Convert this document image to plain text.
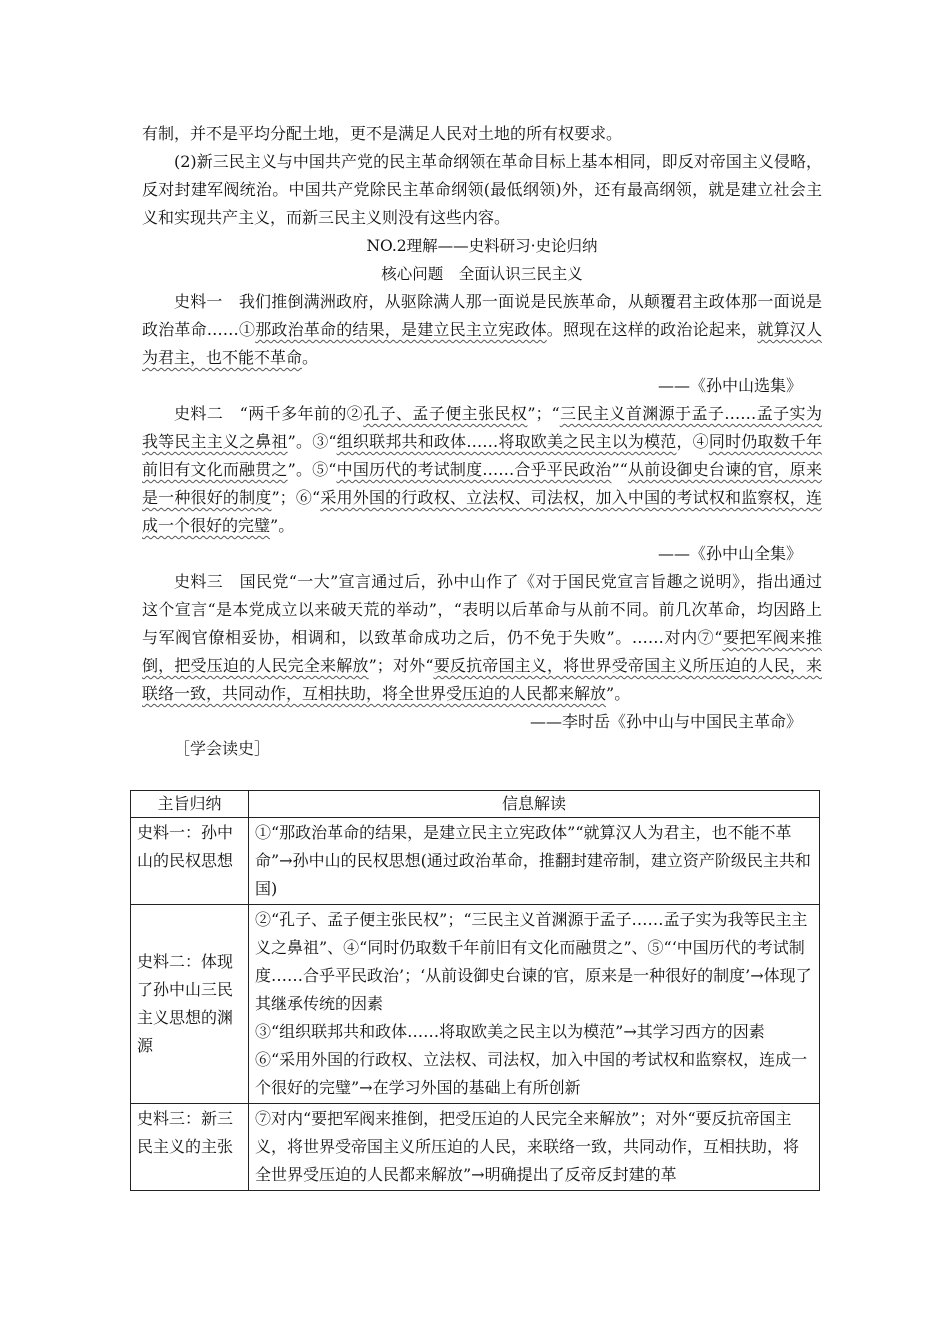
有制，并不是平均分配土地，更不是满足人民对土地的所有权要求。

(2)新三民主义与中国共产党的民主革命纲领在革命目标上基本相同，即反对帝国主义侵略，反对封建军阀统治。中国共产党除民主革命纲领(最低纲领)外，还有最高纲领，就是建立社会主义和实现共产主义，而新三民主义则没有这些内容。

NO.2理解——史料研习·史论归纳

核心问题　全面认识三民主义

史料一　我们推倒满洲政府，从驱除满人那一面说是民族革命，从颠覆君主政体那一面说是政治革命……①那政治革命的结果，是建立民主立宪政体。照现在这样的政治论起来，就算汉人为君主，也不能不革命。

——《孙中山选集》

史料二　“两千多年前的②孔子、孟子便主张民权”；“三民主义首渊源于孟子……孟子实为我等民主主义之鼻祖”。③“组织联邦共和政体……将取欧美之民主以为模范，④同时仍取数千年前旧有文化而融贯之”。⑤“中国历代的考试制度……合乎平民政治”“从前设御史台谏的官，原来是一种很好的制度”；⑥“采用外国的行政权、立法权、司法权，加入中国的考试权和监察权，连成一个很好的完璧”。

——《孙中山全集》

史料三　国民党“一大”宣言通过后，孙中山作了《对于国民党宣言旨趣之说明》，指出通过这个宣言“是本党成立以来破天荒的举动”，“表明以后革命与从前不同。前几次革命，均因路上与军阀官僚相妥协，相调和，以致革命成功之后，仍不免于失败”。……对内⑦“要把军阀来推倒，把受压迫的人民完全来解放”；对外“要反抗帝国主义，将世界受帝国主义所压迫的人民，来联络一致，共同动作，互相扶助，将全世界受压迫的人民都来解放”。

——李时岳《孙中山与中国民主革命》

［学会读史］

主旨归纳	信息解读
史料一：孙中山的民权思想	①“那政治革命的结果，是建立民主立宪政体”“就算汉人为君主，也不能不革命”→孙中山的民权思想(通过政治革命，推翻封建帝制，建立资产阶级民主共和国)

史料二：体现了孙中山三民主义思想的渊源	②“孔子、孟子便主张民权”；“三民主义首渊源于孟子……孟子实为我等民主主义之鼻祖”、④“同时仍取数千年前旧有文化而融贯之”、⑤“‘中国历代的考试制度……合乎平民政治’；‘从前设御史台谏的官，原来是一种很好的制度’→体现了其继承传统的因素
③“组织联邦共和政体……将取欧美之民主以为模范”→其学习西方的因素
⑥“采用外国的行政权、立法权、司法权，加入中国的考试权和监察权，连成一个很好的完璧”→在学习外国的基础上有所创新

史料三：新三民主义的主张	⑦对内“要把军阀来推倒，把受压迫的人民完全来解放”；对外“要反抗帝国主义，将世界受帝国主义所压迫的人民，来联络一致，共同动作，互相扶助，将全世界受压迫的人民都来解放”→明确提出了反帝反封建的革
